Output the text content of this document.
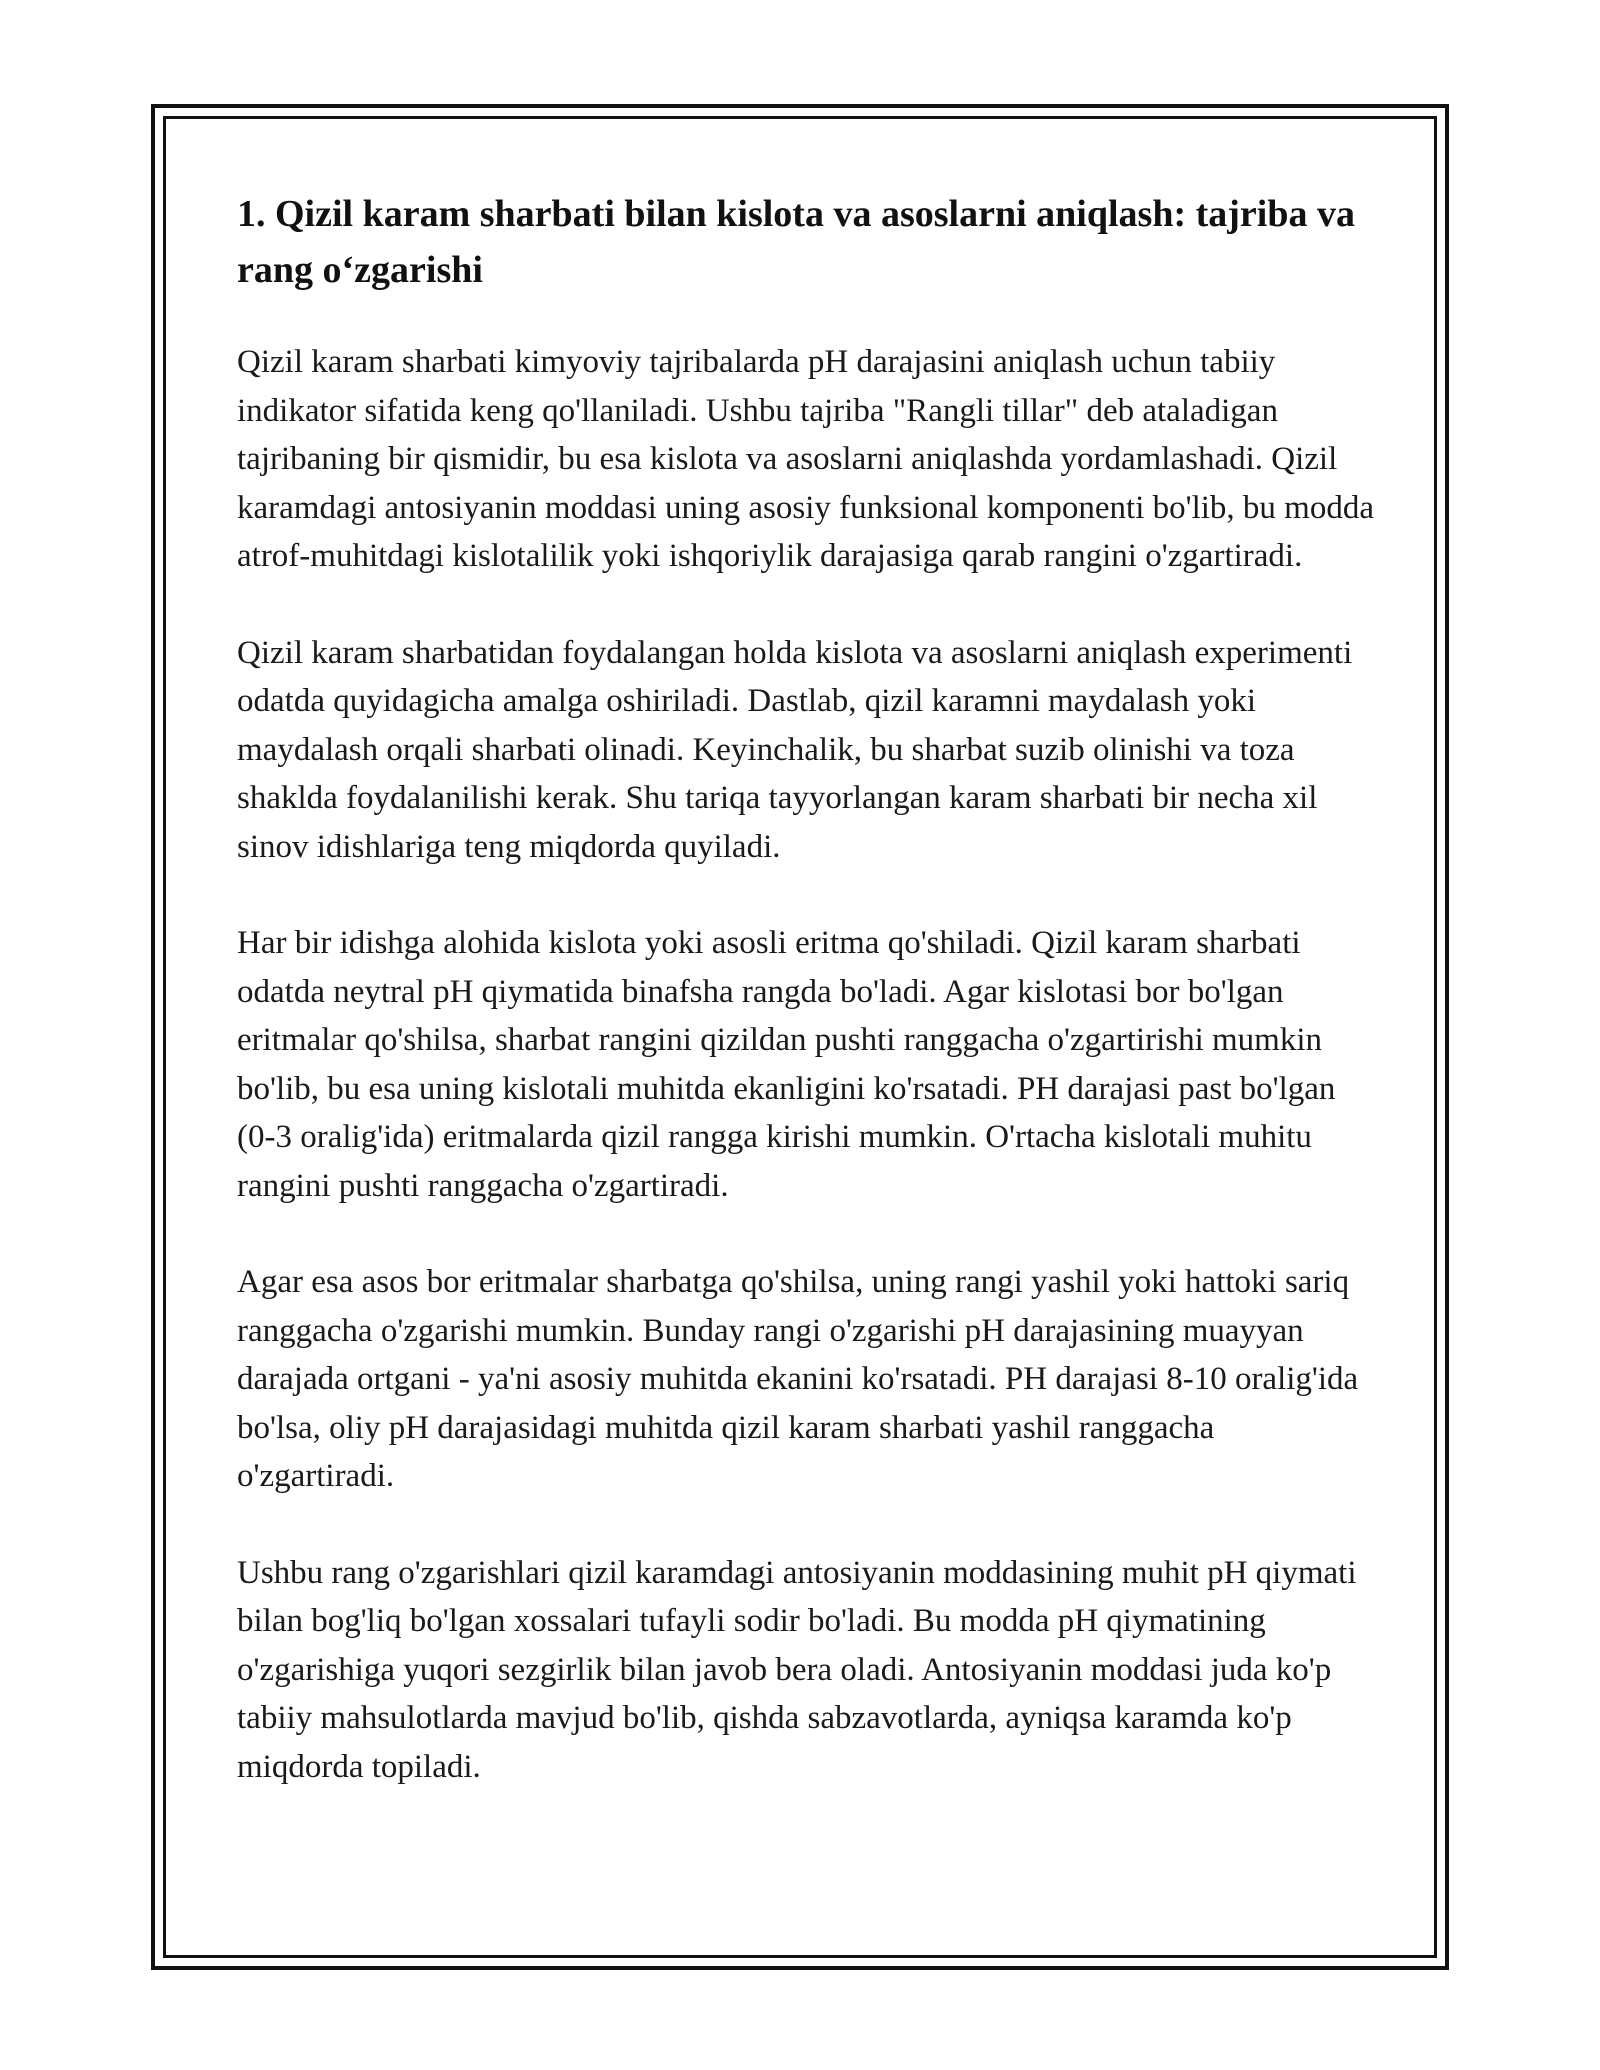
1. Qizil karam sharbati bilan kislota va asoslarni aniqlash: tajriba va rang o‘zgarishi

Qizil karam sharbati kimyoviy tajribalarda pH darajasini aniqlash uchun tabiiy indikator sifatida keng qo'llaniladi. Ushbu tajriba "Rangli tillar" deb ataladigan tajribaning bir qismidir, bu esa kislota va asoslarni aniqlashda yordamlashadi. Qizil karamdagi antosiyanin moddasi uning asosiy funksional komponenti bo'lib, bu modda atrof-muhitdagi kislotalilik yoki ishqoriylik darajasiga qarab rangini o'zgartiradi.

Qizil karam sharbatidan foydalangan holda kislota va asoslarni aniqlash experimenti odatda quyidagicha amalga oshiriladi. Dastlab, qizil karamni maydalash yoki maydalash orqali sharbati olinadi. Keyinchalik, bu sharbat suzib olinishi va toza shakldа foydalanilishi kerak. Shu tariqa tayyorlangan karam sharbati bir necha xil sinov idishlariga teng miqdorda quyiladi.

Har bir idishga alohida kislota yoki asosli eritma qo'shiladi. Qizil karam sharbati odatda neytral pH qiymatida binafsha rangda bo'ladi. Agar kislotasi bor bo'lgan eritmalar qo'shilsa, sharbat rangini qizildan pushti ranggacha o'zgartirishi mumkin bo'lib, bu esa uning kislotali muhitda ekanligini ko'rsatadi. PH darajasi past bo'lgan (0-3 oralig'ida) eritmalarda qizil rangga kirishi mumkin. O'rtacha kislotali muhitu rangini pushti ranggacha o'zgartiradi.

Agar esa asos bor eritmalar sharbatga qo'shilsa, uning rangi yashil yoki hattoki sariq ranggacha o'zgarishi mumkin. Bunday rangi o'zgarishi pH darajasining muayyan darajada ortgani - ya'ni asosiy muhitda ekanini ko'rsatadi. PH darajasi 8-10 oralig'ida bo'lsa, oliy pH darajasidagi muhitda qizil karam sharbati yashil ranggacha o'zgartiradi.

Ushbu rang o'zgarishlari qizil karamdagi antosiyanin moddasining muhit pH qiymati bilan bog'liq bo'lgan xossalari tufayli sodir bo'ladi. Bu modda pH qiymatining o'zgarishiga yuqori sezgirlik bilan javob bera oladi. Antosiyanin moddasi juda ko'p tabiiy mahsulotlarda mavjud bo'lib, qishda sabzavotlarda, ayniqsa karamda ko'p miqdorda topiladi.
